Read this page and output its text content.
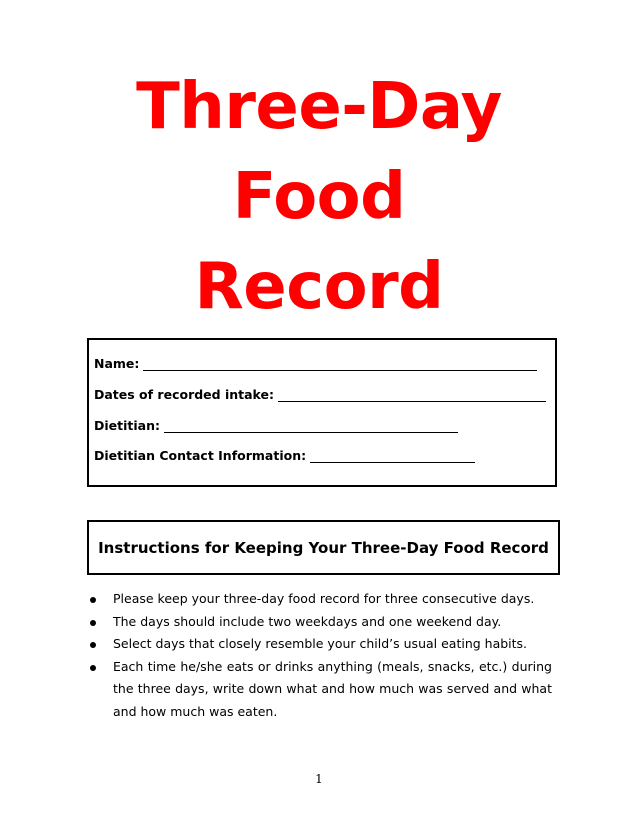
Three-Day
Food
Record
Name:
Dates of recorded intake:
Dietitian:
Dietitian Contact Information:
Instructions for Keeping Your Three-Day Food Record
Please keep your three-day food record for three consecutive days.
The days should include two weekdays and one weekend day.
Select days that closely resemble your child’s usual eating habits.
Each time he/she eats or drinks anything (meals, snacks, etc.) during the three days, write down what and how much was served and what and how much was eaten.
1
